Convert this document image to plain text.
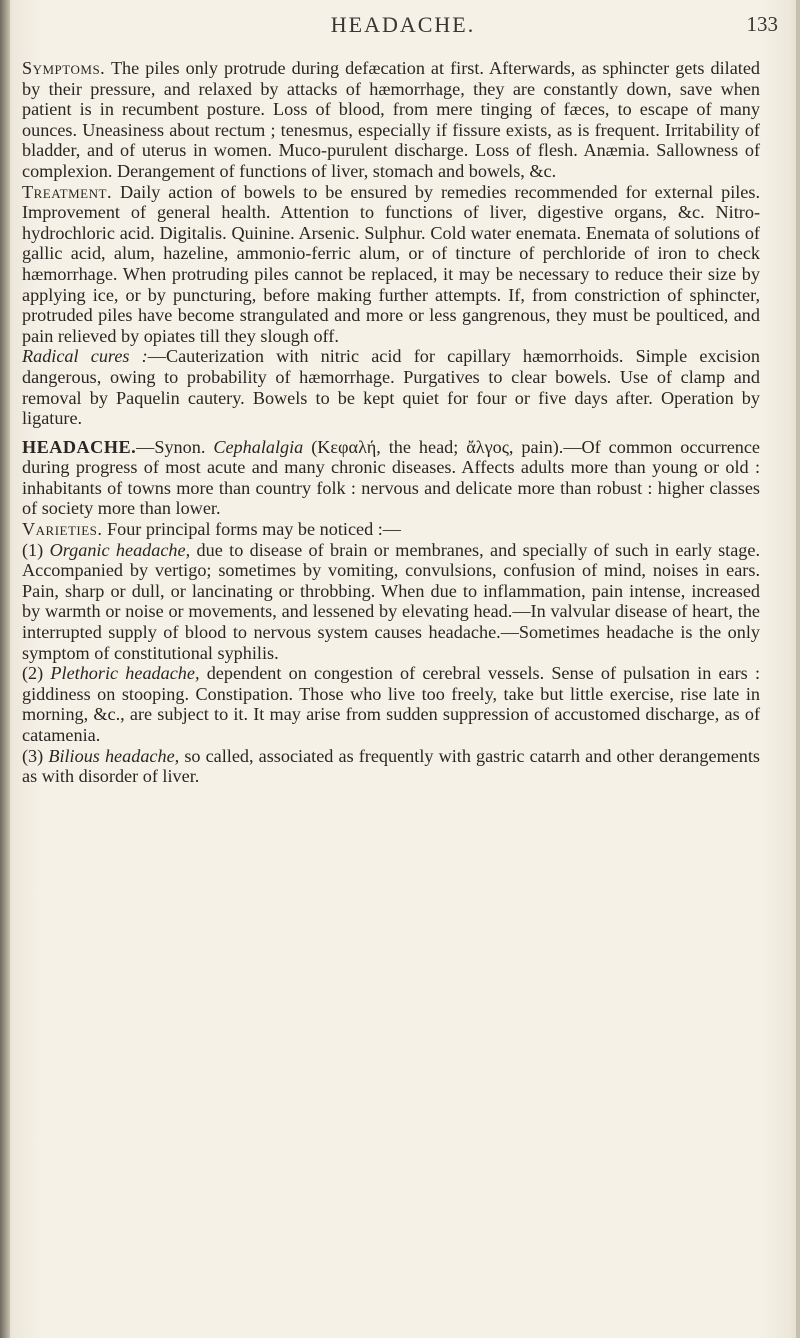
HEADACHE.	133

Symptoms. The piles only protrude during defæcation at first. Afterwards, as sphincter gets dilated by their pressure, and relaxed by attacks of hæmorrhage, they are constantly down, save when patient is in recumbent posture. Loss of blood, from mere tinging of fæces, to escape of many ounces. Uneasiness about rectum ; tenesmus, especially if fissure exists, as is frequent. Irritability of bladder, and of uterus in women. Muco-purulent discharge. Loss of flesh. Anæmia. Sallowness of complexion. Derangement of functions of liver, stomach and bowels, &c.

Treatment. Daily action of bowels to be ensured by remedies recommended for external piles. Improvement of general health. Attention to functions of liver, digestive organs, &c. Nitro-hydrochloric acid. Digitalis. Quinine. Arsenic. Sulphur. Cold water enemata. Enemata of solutions of gallic acid, alum, hazeline, ammonio-ferric alum, or of tincture of perchloride of iron to check hæmorrhage. When protruding piles cannot be replaced, it may be necessary to reduce their size by applying ice, or by puncturing, before making further attempts. If, from constriction of sphincter, protruded piles have become strangulated and more or less gangrenous, they must be poulticed, and pain relieved by opiates till they slough off.

Radical cures :—Cauterization with nitric acid for capillary hæmorrhoids. Simple excision dangerous, owing to probability of hæmorrhage. Purgatives to clear bowels. Use of clamp and removal by Paquelin cautery. Bowels to be kept quiet for four or five days after. Operation by ligature.

HEADACHE.—Synon. Cephalalgia (Κεφαλή, the head; ἄλγος, pain).—Of common occurrence during progress of most acute and many chronic diseases. Affects adults more than young or old : inhabitants of towns more than country folk : nervous and delicate more than robust : higher classes of society more than lower.

Varieties. Four principal forms may be noticed :—

(1) Organic headache, due to disease of brain or membranes, and specially of such in early stage. Accompanied by vertigo; sometimes by vomiting, convulsions, confusion of mind, noises in ears. Pain, sharp or dull, or lancinating or throbbing. When due to inflammation, pain intense, increased by warmth or noise or movements, and lessened by elevating head.—In valvular disease of heart, the interrupted supply of blood to nervous system causes headache.—Sometimes headache is the only symptom of constitutional syphilis.

(2) Plethoric headache, dependent on congestion of cerebral vessels. Sense of pulsation in ears : giddiness on stooping. Constipation. Those who live too freely, take but little exercise, rise late in morning, &c., are subject to it. It may arise from sudden suppression of accustomed discharge, as of catamenia.

(3) Bilious headache, so called, associated as frequently with gastric catarrh and other derangements as with disorder of liver.
